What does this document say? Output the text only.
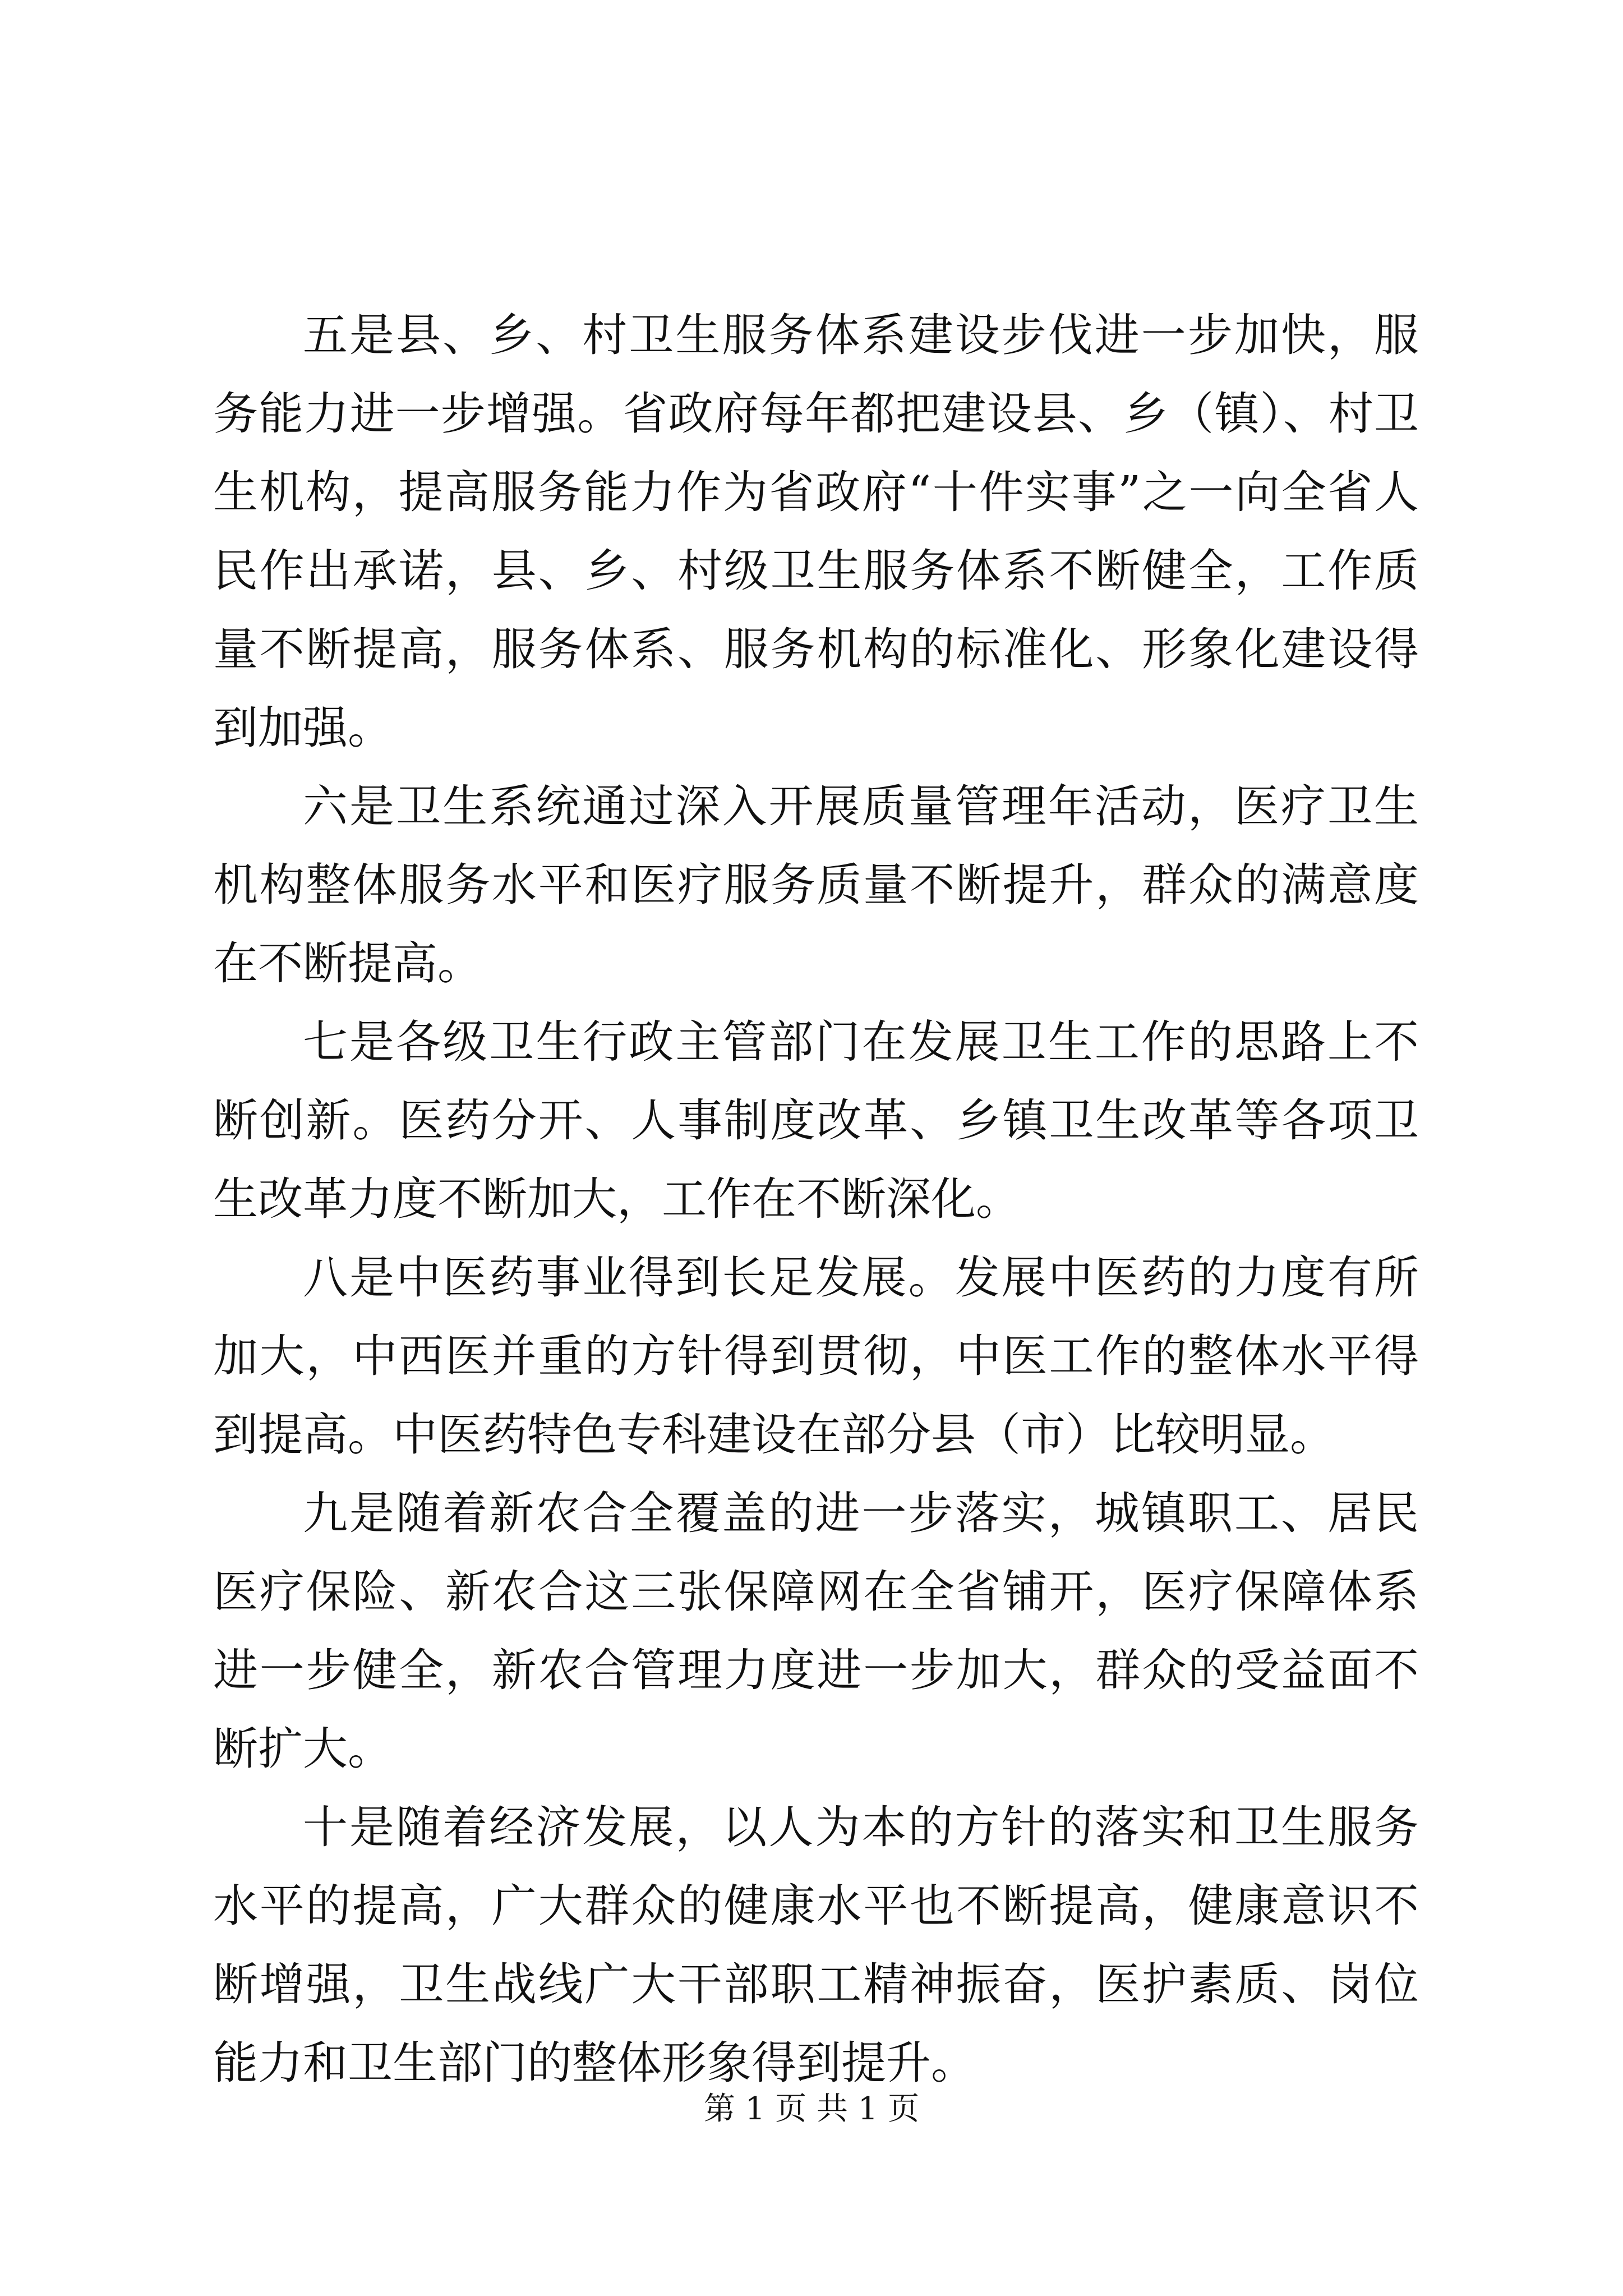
五是县、乡、村卫生服务体系建设步伐进一步加快，服务能力进一步增强。省政府每年都把建设县、乡（镇）、村卫生机构，提高服务能力作为省政府“十件实事”之一向全省人民作出承诺，县、乡、村级卫生服务体系不断健全，工作质量不断提高，服务体系、服务机构的标准化、形象化建设得到加强。

六是卫生系统通过深入开展质量管理年活动，医疗卫生机构整体服务水平和医疗服务质量不断提升，群众的满意度在不断提高。

七是各级卫生行政主管部门在发展卫生工作的思路上不断创新。医药分开、人事制度改革、乡镇卫生改革等各项卫生改革力度不断加大，工作在不断深化。

八是中医药事业得到长足发展。发展中医药的力度有所加大，中西医并重的方针得到贯彻，中医工作的整体水平得到提高。中医药特色专科建设在部分县（市）比较明显。

九是随着新农合全覆盖的进一步落实，城镇职工、居民医疗保险、新农合这三张保障网在全省铺开，医疗保障体系进一步健全，新农合管理力度进一步加大，群众的受益面不断扩大。

十是随着经济发展，以人为本的方针的落实和卫生服务水平的提高，广大群众的健康水平也不断提高，健康意识不断增强，卫生战线广大干部职工精神振奋，医护素质、岗位能力和卫生部门的整体形象得到提升。

第 1 页 共 1 页
